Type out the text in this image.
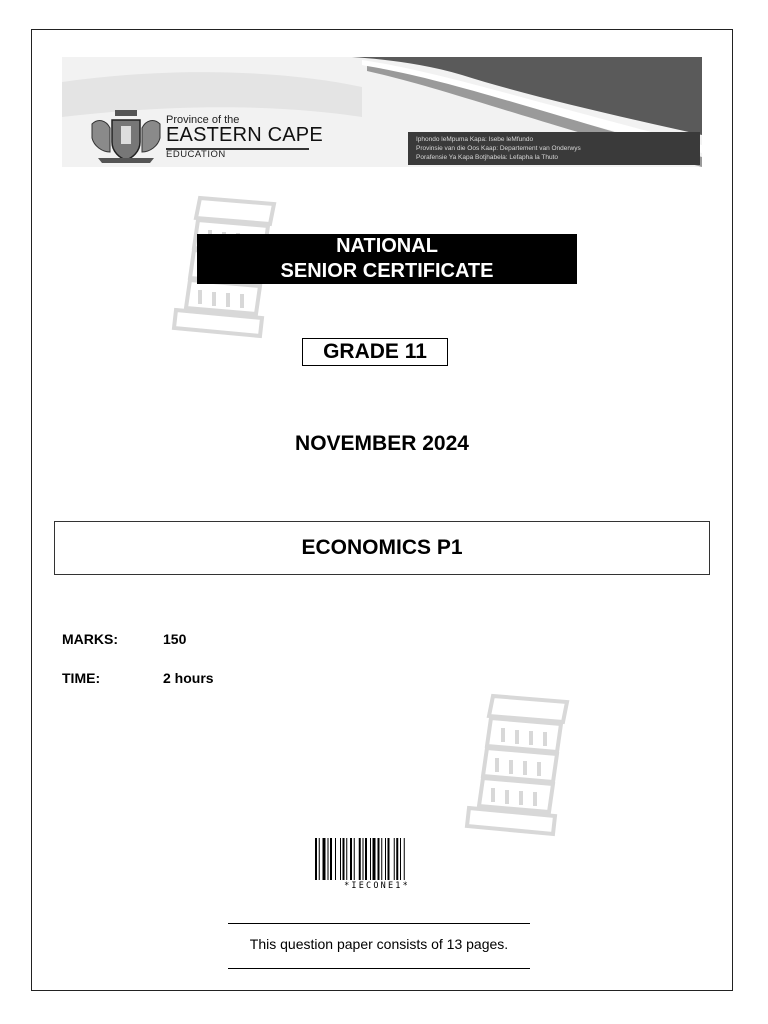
Province of the
EASTERN CAPE
EDUCATION
Iphondo leMpuma Kapa: Isebe leMfundo
Provinsie van die Oos Kaap: Departement van Onderwys
Porafensie Ya Kapa Botjhabela: Lefapha la Thuto
NATIONAL
SENIOR CERTIFICATE
GRADE 11
NOVEMBER 2024
ECONOMICS P1
MARKS:	150
TIME:	2 hours
*IECONE1*
This question paper consists of 13 pages.
